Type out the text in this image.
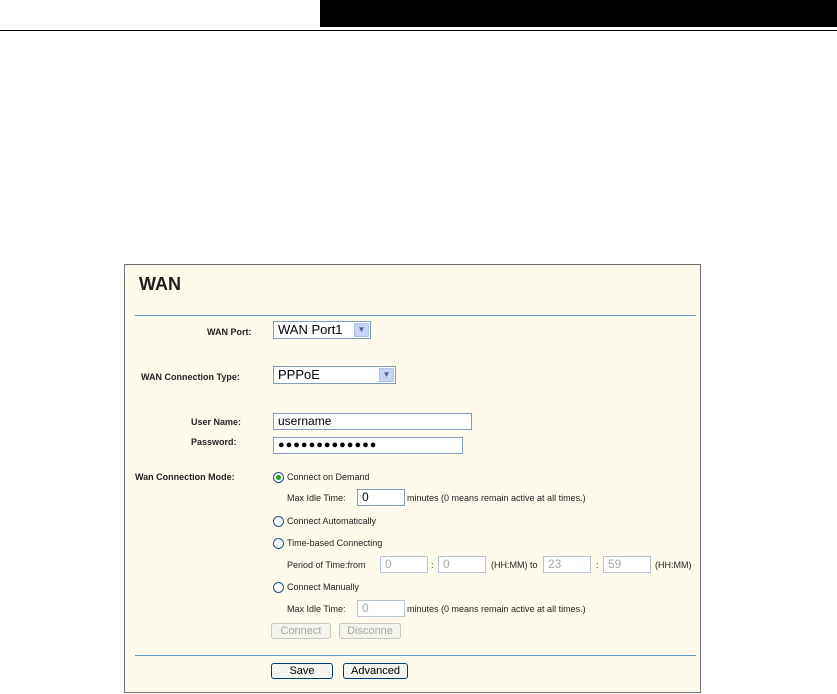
WAN
WAN Port:	WAN Port1	▼
WAN Connection Type:	PPPoE	▼
User Name:	username
Password:	●●●●●●●●●●●●●
Wan Connection Mode:	Connect on Demand
Max Idle Time:	0	minutes (0 means remain active at all times.)
Connect Automatically
Time-based Connecting
Period of Time:from	0	: 0	(HH:MM) to 23	: 59	(HH:MM)
Connect Manually
Max Idle Time:	0	minutes (0 means remain active at all times.)
Connect	Disconne
Save	Advanced
